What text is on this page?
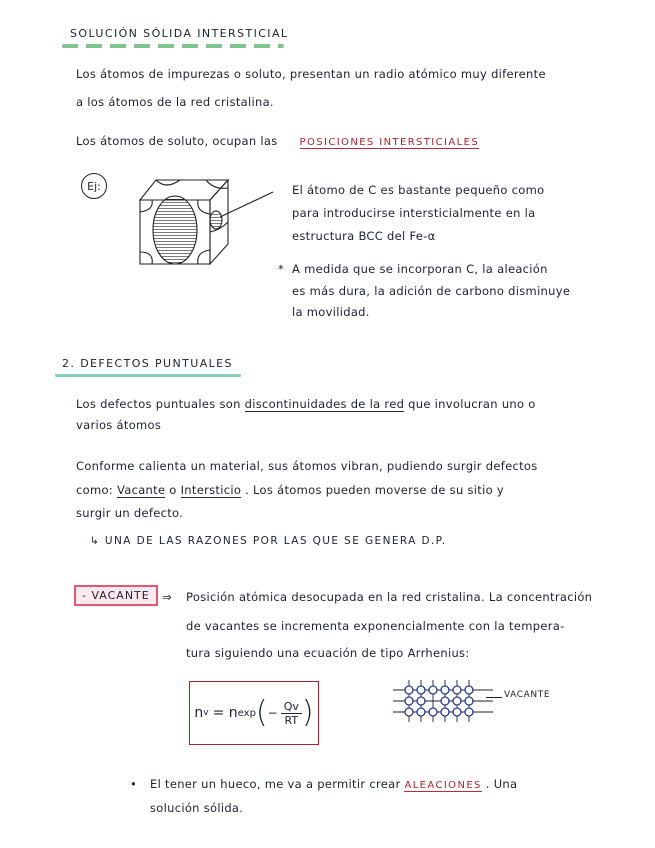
SOLUCIÓN SÓLIDA INTERSTICIAL
Los átomos de impurezas o soluto, presentan un radio atómico muy diferente
a los átomos de la red cristalina.
Los átomos de soluto, ocupan las POSICIONES INTERSTICIALES
Ej:	El átomo de C es bastante pequeño como
para introducirse intersticialmente en la
estructura BCC del Fe-α
* A medida que se incorporan C, la aleación
es más dura, la adición de carbono disminuye
la movilidad.
2. DEFECTOS PUNTUALES
Los defectos puntuales son discontinuidades de la red que involucran uno o
varios átomos
Conforme calienta un material, sus átomos vibran, pudiendo surgir defectos
como: Vacante o Intersticio . Los átomos pueden moverse de su sitio y
surgir un defecto.
↳ UNA DE LAS RAZONES POR LAS QUE SE GENERA D.P.
- VACANTE	⇒ Posición atómica desocupada en la red cristalina. La concentración
de vacantes se incrementa exponencialmente con la tempera-
tura siguiendo una ecuación de tipo Arrhenius:
n v = n exp ( − $\frac{Qv}{RT}$ )	VACANTE
• El tener un hueco, me va a permitir crear ALEACIONES . Una
solución sólida.
